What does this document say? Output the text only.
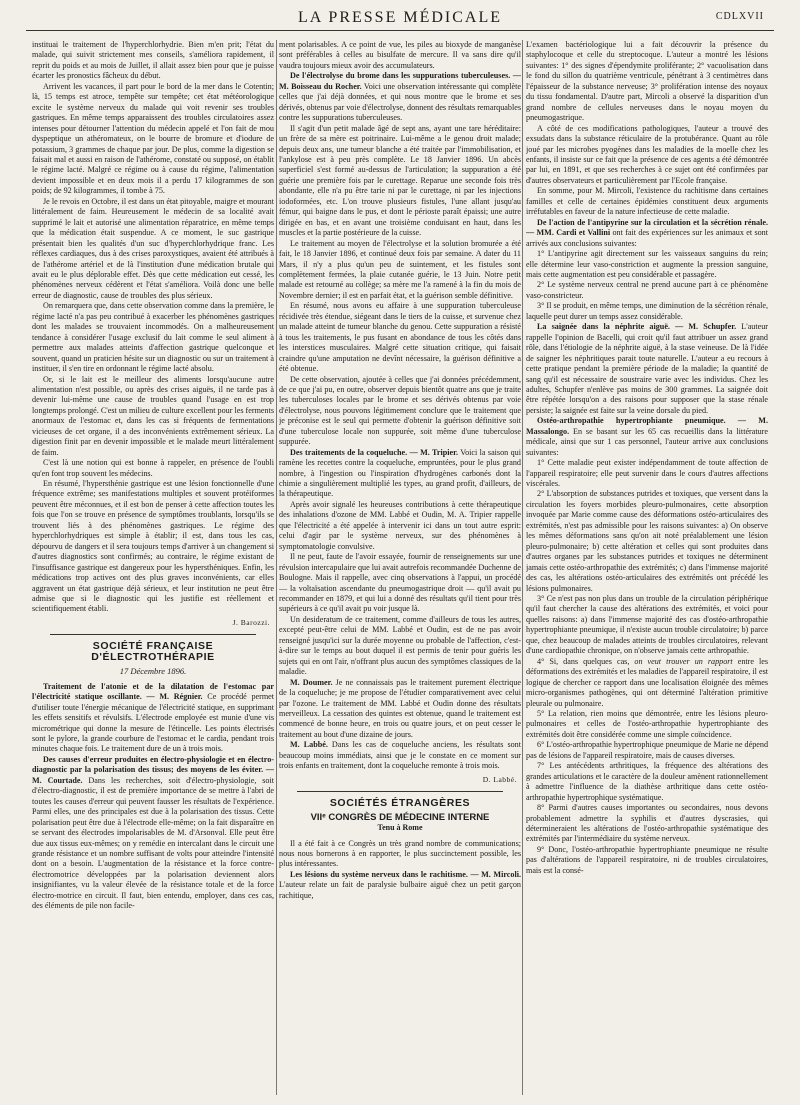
LA PRESSE MÉDICALE	CDLXVII

instituai le traitement de l'hyperchlorhydrie. Bien m'en prit; l'état du malade, qui suivit strictement mes conseils, s'améliora rapidement, il reprit du poids et au mois de Juillet, il allait assez bien pour que je puisse écarter les pronostics fâcheux du début.

Arrivent les vacances, il part pour le bord de la mer dans le Cotentin; là, 15 temps est atroce, tempête sur tempête; cet état météorologique excite le système nerveux du malade qui voit revenir ses troubles gastriques. En même temps apparaissent des troubles circulatoires assez intenses pour détourner l'attention du médecin appelé et l'on fait de mou dyspeptique un athéromateux, on le bourre de bromure et d'iodure de potassium, 3 grammes de chaque par jour. De plus, comme la digestion se faisait mal et aussi en raison de l'athérome, constaté ou supposé, on établit le régime lacté. Malgré ce régime ou à cause du régime, l'alimentation devient impossible et en deux mois il a perdu 17 kilogrammes de son poids; de 92 kilogrammes, il tombe à 75.

Je le revois en Octobre, il est dans un état pitoyable, maigre et mourant littéralement de faim. Heureusement le médecin de sa localité avait supprimé le lait et autorisé une alimentation réparatrice, en même temps que la médication était suspendue. A ce moment, le suc gastrique présentait bien les qualités d'un suc d'hyperchlorhydrique franc. Les réflexes cardiaques, dus à des crises paroxystiques, avaient été attribués à de l'athérome artériel et de là l'institution d'une médication brutale qui avait eu le plus déplorable effet. Dès que cette médication eut cessé, les phénomènes nerveux cédèrent et l'état s'améliora. Voilà donc une belle erreur de diagnostic, cause de troubles des plus sérieux.

On remarquera que, dans cette observation comme dans la première, le régime lacté n'a pas peu contribué à exacerber les phénomènes gastriques dont les malades se trouvaient incommodés. On a malheureusement tendance à considérer l'usage exclusif du lait comme le seul aliment à permettre aux malades atteints d'affection gastrique quelconque et souvent, quand un praticien hésite sur un diagnostic ou sur un traitement à instituer, il s'en tire en ordonnant le régime lacté absolu.

Or, si le lait est le meilleur des aliments lorsqu'aucune autre alimentation n'est possible, ou après des crises aiguës, il ne tarde pas à devenir lui-même une cause de troubles quand l'usage en est trop longtemps prolongé. C'est un milieu de culture excellent pour les ferments anormaux de l'estomac et, dans les cas si fréquents de fermentations vicieuses de cet organe, il a des inconvénients extrêmement sérieux. La digestion finit par en devenir impossible et le malade meurt littéralement de faim.

C'est là une notion qui est bonne à rappeler, en présence de l'oubli qu'en font trop souvent les médecins.

En résumé, l'hypersthénie gastrique est une lésion fonctionnelle d'une fréquence extrême; ses manifestations multiples et souvent protéiformes peuvent être méconnues, et il est bon de penser à cette affection toutes les fois que l'on se trouve en présence de symptômes troublants, lorsqu'ils se trouvent liés à des phénomènes gastriques. Le régime des hyperchlorhydriques est simple à établir; il est, dans tous les cas, dépourvu de dangers et il sera toujours temps d'arriver à un changement si d'autres diagnostics sont confirmés; au contraire, le régime existant de l'insuffisance gastrique est dangereux pour les hypersthéniques. Enfin, les médications trop actives ont des plus graves inconvénients, car elles aggravent un état gastrique déjà sérieux, et leur institution ne peut être admise que si le diagnostic qui les justifie est réellement et scientifiquement établi.

J. Barozzi.
SOCIÉTÉ FRANÇAISE D'ÉLECTROTHÉRAPIE
17 Décembre 1896.

Traitement de l'atonie et de la dilatation de l'estomac par l'électricité statique oscillante. — M. Régnier. Ce procédé permet d'utiliser toute l'énergie mécanique de l'électricité statique, en supprimant les effets sensitifs et révulsifs. L'électrode employée est munie d'une vis micrométrique qui donne la mesure de l'étincelle. Les points électrisés sont le pylore, la grande courbure de l'estomac et le cardia, pendant trois minutes chaque fois. Le traitement dure de un à trois mois.

Des causes d'erreur produites en électro-physiologie et en électro-diagnostic par la polarisation des tissus; des moyens de les éviter. — M. Courtade. Dans les recherches, soit d'électro-physiologie, soit d'électro-diagnostic, il est de première importance de se mettre à l'abri de toutes les causes d'erreur qui peuvent fausser les résultats de l'expérience. Parmi elles, une des principales est due à la polarisation des tissus. Cette polarisation peut être due à l'électrode elle-même; on la fait disparaître en se servant des électrodes impolarisables de M. d'Arsonval. Elle peut être due aux tissus eux-mêmes; on y remédie en intercalant dans le circuit une grande résistance et un nombre suffisant de volts pour atteindre l'intensité dont on a besoin. L'augmentation de la résistance et la force contre-électromotrice développées par la polarisation deviennent alors insignifiantes, vu la valeur élevée de la résistance totale et de la force électro-motrice en circuit. Il faut, bien entendu, employer, dans ces cas, des éléments de pile non facile-

ment polarisables. A ce point de vue, les piles au bioxyde de manganèse sont préférables à celles au bisulfate de mercure. Il va sans dire qu'il vaudra toujours mieux avoir des accumulateurs.

De l'électrolyse du brome dans les suppurations tuberculeuses. — M. Boisseau du Rocher. Voici une observation intéressante qui complète celles que j'ai déjà données, et qui nous montre que le brome et ses dérivés, obtenus par voie d'électrolyse, donnent des résultats remarquables contre les suppurations tuberculeuses.

Il s'agit d'un petit malade âgé de sept ans, ayant une tare héréditaire: un frère de sa mère est poitrinaire. Lui-même a le genou droit malade; depuis deux ans, une tumeur blanche a été traitée par l'immobilisation, et l'ankylose est à peu près complète. Le 18 Janvier 1896. Un abcès superficiel s'est formé au-dessus de l'articulation; la suppuration a été guérie une première fois par le curettage. Reparue une seconde fois très abondante, elle n'a pu être tarie ni par le curettage, ni par les injections iodoformées, etc. L'on trouve plusieurs fistules, l'une allant jusqu'au fémur, qui baigne dans le pus, et dont le périoste paraît épaissi; une autre dirigée en bas, et en avant une troisième conduisant en haut, dans les muscles et la partie postérieure de la cuisse.

Le traitement au moyen de l'électrolyse et la solution bromurée a été fait, le 18 Janvier 1896, et continué deux fois par semaine. A dater du 11 Mars, il n'y a plus qu'un peu de suintement, et les fistules sont complètement fermées, la plaie cutanée guérie, le 13 Juin. Notre petit malade est retourné au collège; sa mère me l'a ramené à la fin du mois de Novembre dernier; il est en parfait état, et la guérison semble définitive.

En résumé, nous avons eu affaire à une suppuration tuberculeuse récidivée très étendue, siégeant dans le tiers de la cuisse, et survenue chez un malade atteint de tumeur blanche du genou. Cette suppuration a résisté à tous les traitements, le pus fusant en abondance de tous les côtés dans les interstices musculaires. Malgré cette situation critique, qui faisait craindre qu'une amputation ne devînt nécessaire, la guérison définitive a été obtenue.

De cette observation, ajoutée à celles que j'ai données précédemment, de ce que j'ai pu, en outre, observer depuis bientôt quatre ans que je traite les tuberculoses locales par le brome et ses dérivés obtenus par voie d'électrolyse, nous pouvons légitimement conclure que le traitement que je préconise est le seul qui permette d'obtenir la guérison définitive soit d'une tuberculose locale non suppurée, soit même d'une tuberculose suppurée.

Des traitements de la coqueluche. — M. Tripier. Voici la saison qui ramène les recettes contre la coqueluche, empruntées, pour le plus grand nombre, à l'ingestion ou l'inspiration d'hydrogènes carbonés dont la chimie a singulièrement multiplié les types, au grand profit, d'ailleurs, de la thérapeutique.

Après avoir signalé les heureuses contributions à cette thérapeutique des inhalations d'ozone de MM. Labbé et Oudin, M. A. Tripier rappelle que l'électricité a été appelée à intervenir ici dans un tout autre esprit: celui d'agir par le système nerveux, sur des phénomènes à symptomatologie convulsive.

Il ne peut, faute de l'avoir essayée, fournir de renseignements sur une révulsion intercapulaire que lui avait autrefois recommandée Duchenne de Boulogne. Mais il rappelle, avec cinq observations à l'appui, un procédé — la voltaïsation ascendante du pneumogastrique droit — qu'il avait pu recommander en 1879, et qui lui a donné des résultats qu'il tient pour très supérieurs à ce qu'il avait pu voir jusque là.

Un desideratum de ce traitement, comme d'ailleurs de tous les autres, excepté peut-être celui de MM. Labbé et Oudin, est de ne pas avoir renseigné jusqu'ici sur la durée moyenne ou probable de l'affection, c'est-à-dire sur le temps au bout duquel il est permis de tenir pour guéris les sujets qui en ont l'air, n'offrant plus aucun des symptômes classiques de la maladie.

M. Doumer. Je ne connaissais pas le traitement purement électrique de la coqueluche; je me propose de l'étudier comparativement avec celui par l'ozone. Le traitement de MM. Labbé et Oudin donne des résultats merveilleux. La cessation des quintes est obtenue, quand le traitement est commencé de bonne heure, en trois ou quatre jours, et on peut cesser le traitement au bout d'une dizaine de jours.

M. Labbé. Dans les cas de coqueluche anciens, les résultats sont beaucoup moins immédiats, ainsi que je le constate en ce moment sur trois enfants en traitement, dont la coqueluche remonte à trois mois.

D. Labbé.
SOCIÉTÉS ÉTRANGÈRES
VIIᵉ CONGRÈS DE MÉDECINE INTERNE
Tenu à Rome

Il a été fait à ce Congrès un très grand nombre de communications; nous nous bornerons à en rapporter, le plus succinctement possible, les plus intéressantes.

Les lésions du système nerveux dans le rachitisme. — M. Mircoli. L'auteur relate un fait de paralysie bulbaire aiguë chez un petit garçon rachitique,

L'examen bactériologique lui a fait découvrir la présence du staphylocoque et celle du streptocoque. L'auteur a montré les lésions suivantes: 1° des signes d'épendymite proliférante; 2° vacuolisation dans le fond du sillon du quatrième ventricule, pénétrant à 3 centimètres dans l'épaisseur de la substance nerveuse; 3° prolifération intense des noyaux du tissu fondamental. D'autre part, Mircoli a observé la disparition d'un grand nombre de cellules nerveuses dans le noyau moyen du pneumogastrique.

A côté de ces modifications pathologiques, l'auteur a trouvé des exsudats dans la substance réticulaire de la protubérance. Quant au rôle joué par les microbes pyogènes dans les maladies de la moelle chez les enfants, il insiste sur ce fait que la présence de ces agents a été démontrée par lui, en 1891, et que ses recherches à ce sujet ont été confirmées par d'autres observateurs et particulièrement par l'Ecole française.

En somme, pour M. Mircoli, l'existence du rachitisme dans certaines familles et celle de certaines épidémies constituent deux arguments irréfutables en faveur de la nature infectieuse de cette maladie.

De l'action de l'antipyrine sur la circulation et la sécrétion rénale. — MM. Cardi et Vallini ont fait des expériences sur les animaux et sont arrivés aux conclusions suivantes:

1° L'antipyrine agit directement sur les vaisseaux sanguins du rein; elle détermine leur vaso-constriction et augmente la pression sanguine, mais cette augmentation est peu considérable et passagère.

2° Le système nerveux central ne prend aucune part à ce phénomène vaso-constricteur.

3° Il se produit, en même temps, une diminution de la sécrétion rénale, laquelle peut durer un temps assez considérable.

La saignée dans la néphrite aiguë. — M. Schupfer. L'auteur rappelle l'opinion de Bacelli, qui croit qu'il faut attribuer un assez grand rôle, dans l'étiologie de la néphrite aiguë, à la stase veineuse. De là l'idée de saigner les néphritiques parait toute naturelle. L'auteur a eu recours à cette pratique pendant la première période de la maladie; la quantité de sang qu'il est nécessaire de soustraire varie avec les individus. Chez les adultes, Schupfer n'enlève pas moins de 300 grammes. La saignée doit être répétée lorsqu'on a des raisons pour supposer que la stase rénale persiste; la saignée est faite sur la veine dorsale du pied.

Ostéo-arthropathie hypertrophiante pneumique. — M. Massalongo. En se basant sur les 65 cas recueillis dans la littérature médicale, ainsi que sur 1 cas personnel, l'auteur arrive aux conclusions suivantes:

1° Cette maladie peut exister indépendamment de toute affection de l'appareil respiratoire; elle peut survenir dans le cours d'autres affections viscérales.

2° L'absorption de substances putrides et toxiques, que versent dans la circulation les foyers morbides pleuro-pulmonaires, cette absorption invoquée par Marie comme cause des déformations ostéo-articulaires des extrémités, n'est pas admissible pour les raisons suivantes: a) On observe les mêmes déformations sans qu'on ait noté préalablement une lésion pleuro-pulmonaire; b) cette altération et celles qui sont produites dans d'autres organes par les substances putrides et toxiques ne déterminent jamais cette ostéo-arthropathie des extrémités; c) dans l'immense majorité des cas, les altérations ostéo-articulaires des extrémités ont précédé les lésions pulmonaires.

3° Ce n'est pas non plus dans un trouble de la circulation périphérique qu'il faut chercher la cause des altérations des extrémités, et voici pour quelles raisons: a) dans l'immense majorité des cas d'ostéo-arthropathie hypertrophiante pneumique, il n'existe aucun trouble circulatoire; b) parce que, chez beaucoup de malades atteints de troubles circulatoires, relevant d'une cardiopathie chronique, on n'observe jamais cette arthropathie.

4° Si, dans quelques cas, on veut trouver un rapport entre les déformations des extrémités et les maladies de l'appareil respiratoire, il est logique de chercher ce rapport dans une localisation éloignée des mêmes micro-organismes pathogènes, qui ont déterminé l'altération primitive pleurale ou pulmonaire.

5° La relation, rien moins que démontrée, entre les lésions pleuro-pulmonaires et celles de l'ostéo-arthropathie hypertrophiante des extrémités doit être considérée comme une simple coïncidence.

6° L'ostéo-arthropathie hypertrophique pneumique de Marie ne dépend pas de lésions de l'appareil respiratoire, mais de causes diverses.

7° Les antécédents arthritiques, la fréquence des altérations des grandes articulations et le caractère de la douleur amènent rationnellement à admettre l'influence de la diathèse arthritique dans cette ostéo-arthropathie hypertrophique systématique.

8° Parmi d'autres causes importantes ou secondaires, nous devons probablement admettre la syphilis et d'autres dyscrasies, qui détermineraient les altérations de l'ostéo-arthropathie systématique des extrémités par l'intermédiaire du système nerveux.

9° Donc, l'ostéo-arthropathie hypertrophiante pneumique ne résulte pas d'altérations de l'appareil respiratoire, ni de troubles circulatoires, mais est la consé-
